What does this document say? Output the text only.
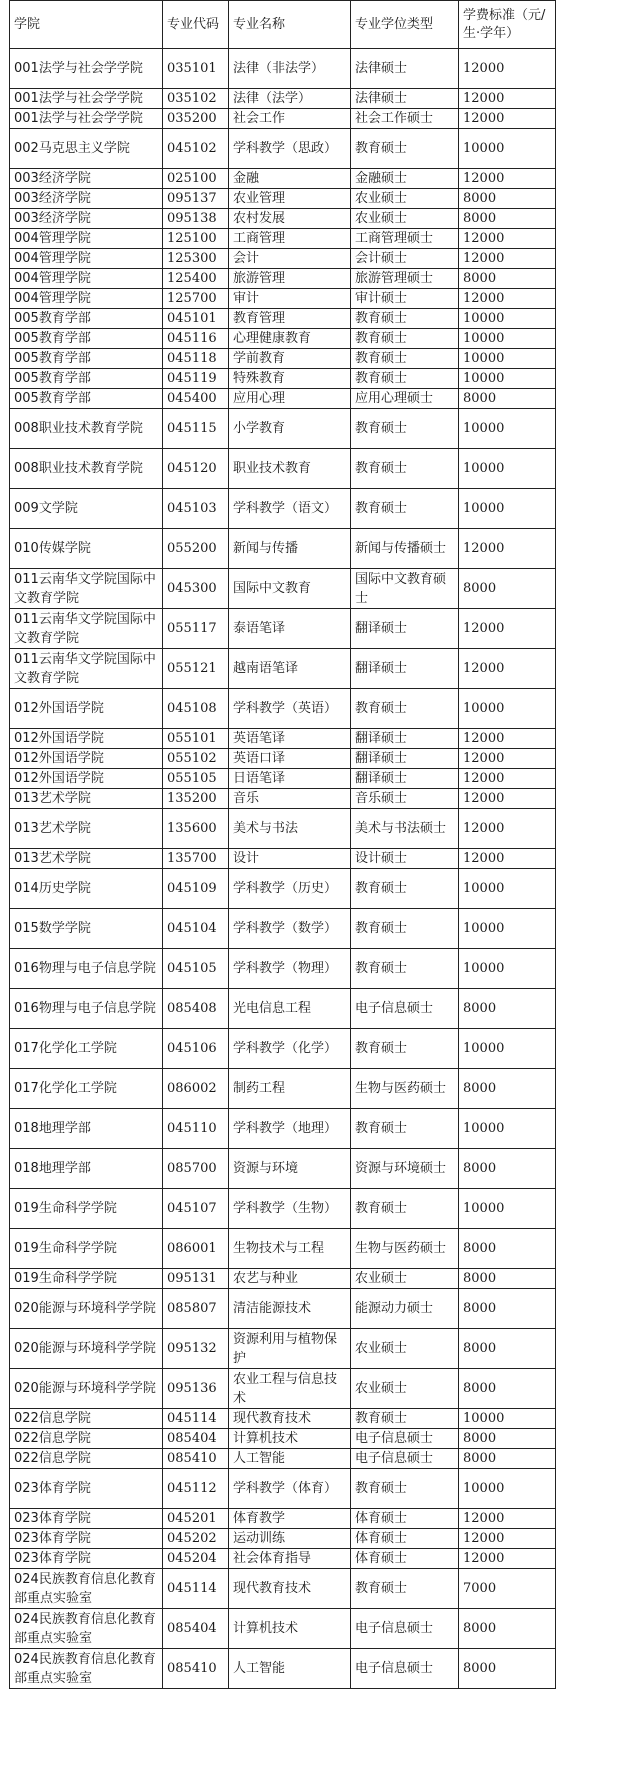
学院	专业代码	专业名称	专业学位类型	学费标准（元/生·学年）
001法学与社会学学院	035101	法律（非法学）	法律硕士	12000
001法学与社会学学院	035102	法律（法学）	法律硕士	12000
001法学与社会学学院	035200	社会工作	社会工作硕士	12000
002马克思主义学院	045102	学科教学（思政）	教育硕士	10000
003经济学院	025100	金融	金融硕士	12000
003经济学院	095137	农业管理	农业硕士	8000
003经济学院	095138	农村发展	农业硕士	8000
004管理学院	125100	工商管理	工商管理硕士	12000
004管理学院	125300	会计	会计硕士	12000
004管理学院	125400	旅游管理	旅游管理硕士	8000
004管理学院	125700	审计	审计硕士	12000
005教育学部	045101	教育管理	教育硕士	10000
005教育学部	045116	心理健康教育	教育硕士	10000
005教育学部	045118	学前教育	教育硕士	10000
005教育学部	045119	特殊教育	教育硕士	10000
005教育学部	045400	应用心理	应用心理硕士	8000
008职业技术教育学院	045115	小学教育	教育硕士	10000
008职业技术教育学院	045120	职业技术教育	教育硕士	10000
009文学院	045103	学科教学（语文）	教育硕士	10000
010传媒学院	055200	新闻与传播	新闻与传播硕士	12000
011云南华文学院国际中文教育学院	045300	国际中文教育	国际中文教育硕士	8000
011云南华文学院国际中文教育学院	055117	泰语笔译	翻译硕士	12000
011云南华文学院国际中文教育学院	055121	越南语笔译	翻译硕士	12000
012外国语学院	045108	学科教学（英语）	教育硕士	10000
012外国语学院	055101	英语笔译	翻译硕士	12000
012外国语学院	055102	英语口译	翻译硕士	12000
012外国语学院	055105	日语笔译	翻译硕士	12000
013艺术学院	135200	音乐	音乐硕士	12000
013艺术学院	135600	美术与书法	美术与书法硕士	12000
013艺术学院	135700	设计	设计硕士	12000
014历史学院	045109	学科教学（历史）	教育硕士	10000
015数学学院	045104	学科教学（数学）	教育硕士	10000
016物理与电子信息学院	045105	学科教学（物理）	教育硕士	10000
016物理与电子信息学院	085408	光电信息工程	电子信息硕士	8000
017化学化工学院	045106	学科教学（化学）	教育硕士	10000
017化学化工学院	086002	制药工程	生物与医药硕士	8000
018地理学部	045110	学科教学（地理）	教育硕士	10000
018地理学部	085700	资源与环境	资源与环境硕士	8000
019生命科学学院	045107	学科教学（生物）	教育硕士	10000
019生命科学学院	086001	生物技术与工程	生物与医药硕士	8000
019生命科学学院	095131	农艺与种业	农业硕士	8000
020能源与环境科学学院	085807	清洁能源技术	能源动力硕士	8000
020能源与环境科学学院	095132	资源利用与植物保护	农业硕士	8000
020能源与环境科学学院	095136	农业工程与信息技术	农业硕士	8000
022信息学院	045114	现代教育技术	教育硕士	10000
022信息学院	085404	计算机技术	电子信息硕士	8000
022信息学院	085410	人工智能	电子信息硕士	8000
023体育学院	045112	学科教学（体育）	教育硕士	10000
023体育学院	045201	体育教学	体育硕士	12000
023体育学院	045202	运动训练	体育硕士	12000
023体育学院	045204	社会体育指导	体育硕士	12000
024民族教育信息化教育部重点实验室	045114	现代教育技术	教育硕士	7000
024民族教育信息化教育部重点实验室	085404	计算机技术	电子信息硕士	8000
024民族教育信息化教育部重点实验室	085410	人工智能	电子信息硕士	8000
